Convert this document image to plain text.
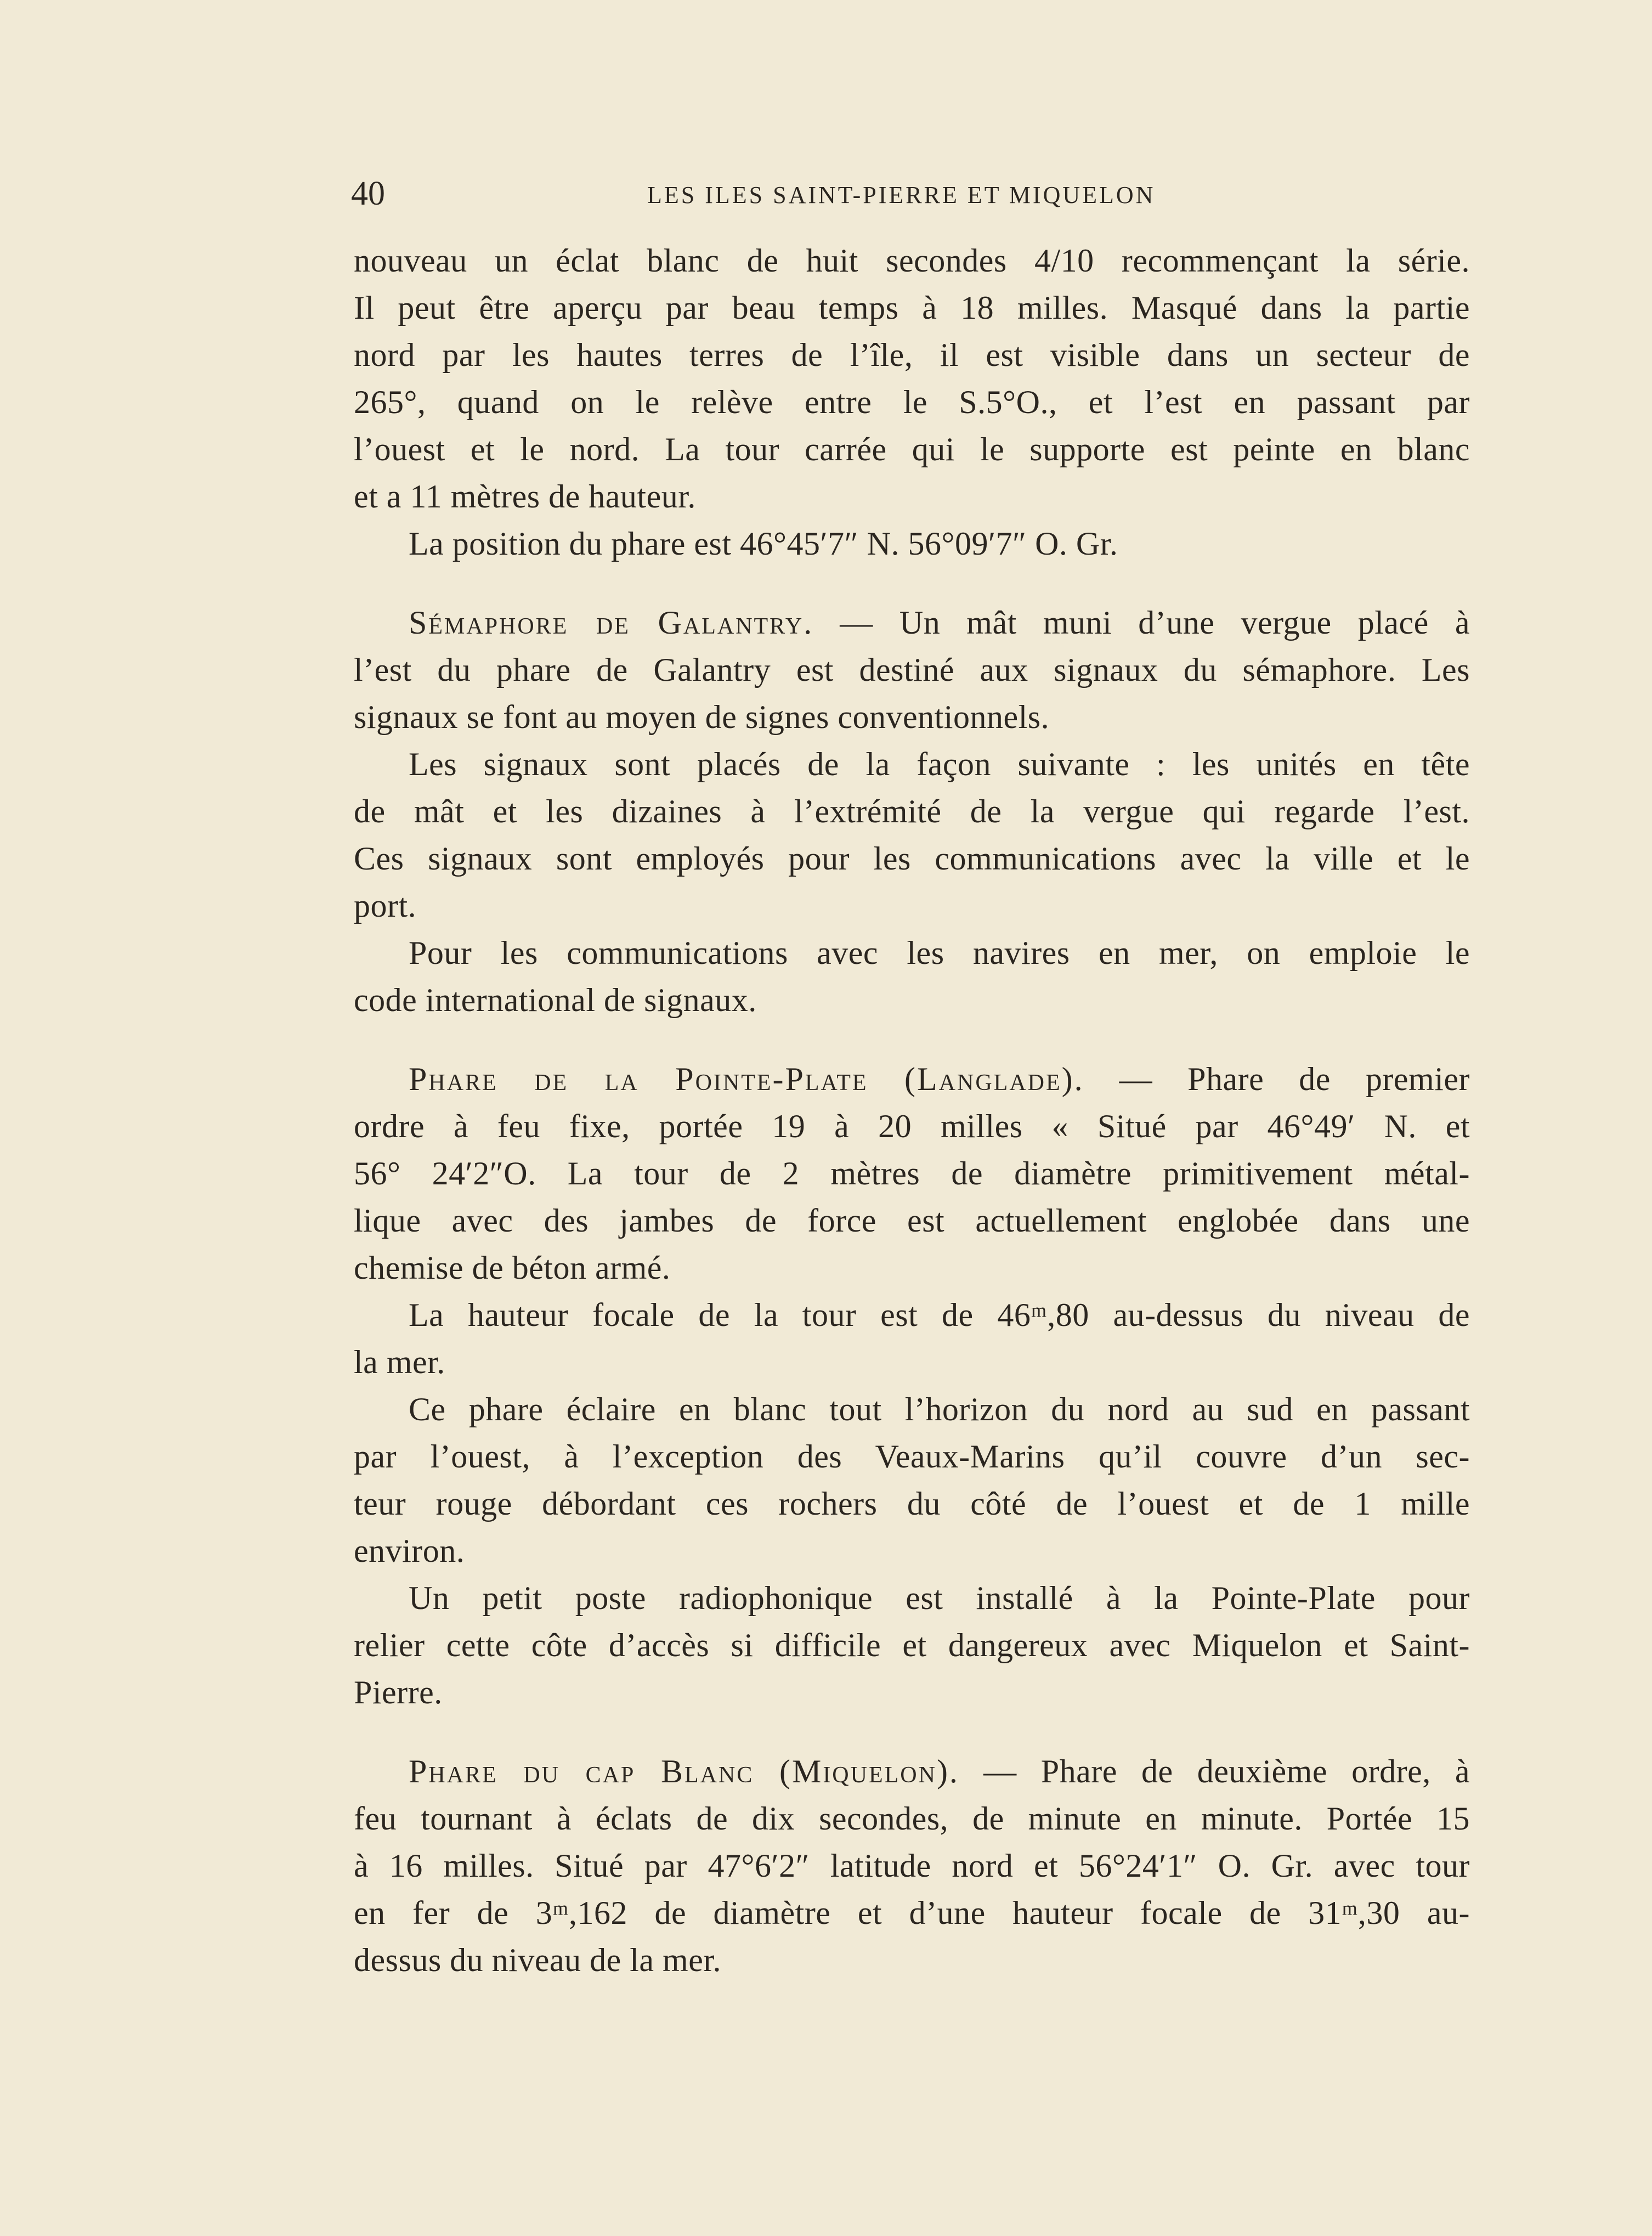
40	LES ILES SAINT-PIERRE ET MIQUELON
nouveau un éclat blanc de huit secondes 4/10 recommençant la série.
Il peut être aperçu par beau temps à 18 milles. Masqué dans la partie
nord par les hautes terres de l’île, il est visible dans un secteur de
265°, quand on le relève entre le S.5°O., et l’est en passant par
l’ouest et le nord. La tour carrée qui le supporte est peinte en blanc
et a 11 mètres de hauteur.
La position du phare est 46°45′7″ N. 56°09′7″ O. Gr.
Sémaphore de Galantry. — Un mât muni d’une vergue placé à
l’est du phare de Galantry est destiné aux signaux du sémaphore. Les
signaux se font au moyen de signes conventionnels.
Les signaux sont placés de la façon suivante : les unités en tête
de mât et les dizaines à l’extrémité de la vergue qui regarde l’est.
Ces signaux sont employés pour les communications avec la ville et le
port.
Pour les communications avec les navires en mer, on emploie le
code international de signaux.
Phare de la Pointe-Plate (Langlade). — Phare de premier
ordre à feu fixe, portée 19 à 20 milles « Situé par 46°49′ N. et
56° 24′2″O. La tour de 2 mètres de diamètre primitivement métal-
lique avec des jambes de force est actuellement englobée dans une
chemise de béton armé.
La hauteur focale de la tour est de 46ᵐ,80 au-dessus du niveau de
la mer.
Ce phare éclaire en blanc tout l’horizon du nord au sud en passant
par l’ouest, à l’exception des Veaux-Marins qu’il couvre d’un sec-
teur rouge débordant ces rochers du côté de l’ouest et de 1 mille
environ.
Un petit poste radiophonique est installé à la Pointe-Plate pour
relier cette côte d’accès si difficile et dangereux avec Miquelon et Saint-
Pierre.
Phare du cap Blanc (Miquelon). — Phare de deuxième ordre, à
feu tournant à éclats de dix secondes, de minute en minute. Portée 15
à 16 milles. Situé par 47°6′2″ latitude nord et 56°24′1″ O. Gr. avec tour
en fer de 3ᵐ,162 de diamètre et d’une hauteur focale de 31ᵐ,30 au-
dessus du niveau de la mer.
